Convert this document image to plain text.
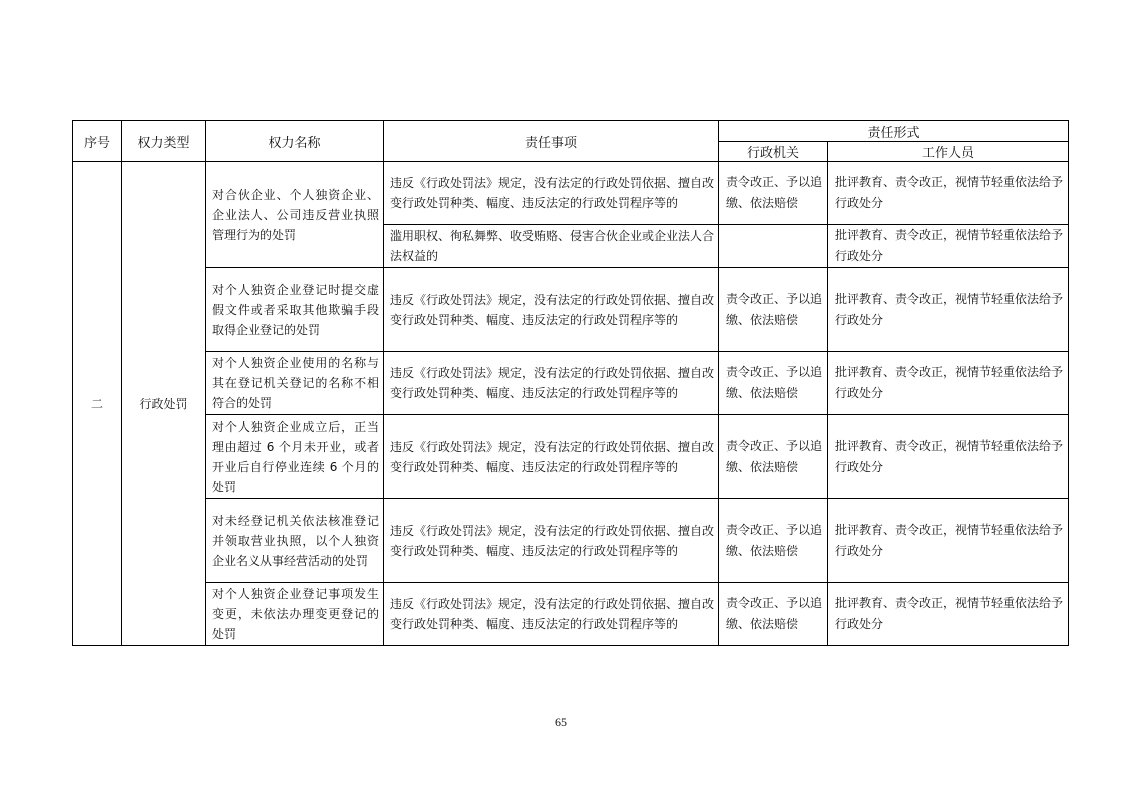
序号	权力类型	权力名称	责任事项	责任形式	
				行政机关	工作人员
二	行政处罚	对合伙企业、个人独资企业、企业法人、公司违反营业执照管理行为的处罚	违反《行政处罚法》规定，没有法定的行政处罚依据、擅自改变行政处罚种类、幅度、违反法定的行政处罚程序等的	责令改正、予以追缴、依法赔偿	批评教育、责令改正，视情节轻重依法给予行政处分
			滥用职权、徇私舞弊、收受贿赂、侵害合伙企业或企业法人合法权益的		批评教育、责令改正，视情节轻重依法给予行政处分
		对个人独资企业登记时提交虚假文件或者采取其他欺骗手段取得企业登记的处罚	违反《行政处罚法》规定，没有法定的行政处罚依据、擅自改变行政处罚种类、幅度、违反法定的行政处罚程序等的	责令改正、予以追缴、依法赔偿	批评教育、责令改正，视情节轻重依法给予行政处分
		对个人独资企业使用的名称与其在登记机关登记的名称不相符合的处罚	违反《行政处罚法》规定，没有法定的行政处罚依据、擅自改变行政处罚种类、幅度、违反法定的行政处罚程序等的	责令改正、予以追缴、依法赔偿	批评教育、责令改正，视情节轻重依法给予行政处分
		对个人独资企业成立后，正当理由超过 6 个月未开业，或者开业后自行停业连续 6 个月的处罚	违反《行政处罚法》规定，没有法定的行政处罚依据、擅自改变行政处罚种类、幅度、违反法定的行政处罚程序等的	责令改正、予以追缴、依法赔偿	批评教育、责令改正，视情节轻重依法给予行政处分
		对未经登记机关依法核准登记并领取营业执照，以个人独资企业名义从事经营活动的处罚	违反《行政处罚法》规定，没有法定的行政处罚依据、擅自改变行政处罚种类、幅度、违反法定的行政处罚程序等的	责令改正、予以追缴、依法赔偿	批评教育、责令改正，视情节轻重依法给予行政处分
		对个人独资企业登记事项发生变更，未依法办理变更登记的处罚	违反《行政处罚法》规定，没有法定的行政处罚依据、擅自改变行政处罚种类、幅度、违反法定的行政处罚程序等的	责令改正、予以追缴、依法赔偿	批评教育、责令改正，视情节轻重依法给予行政处分
65
